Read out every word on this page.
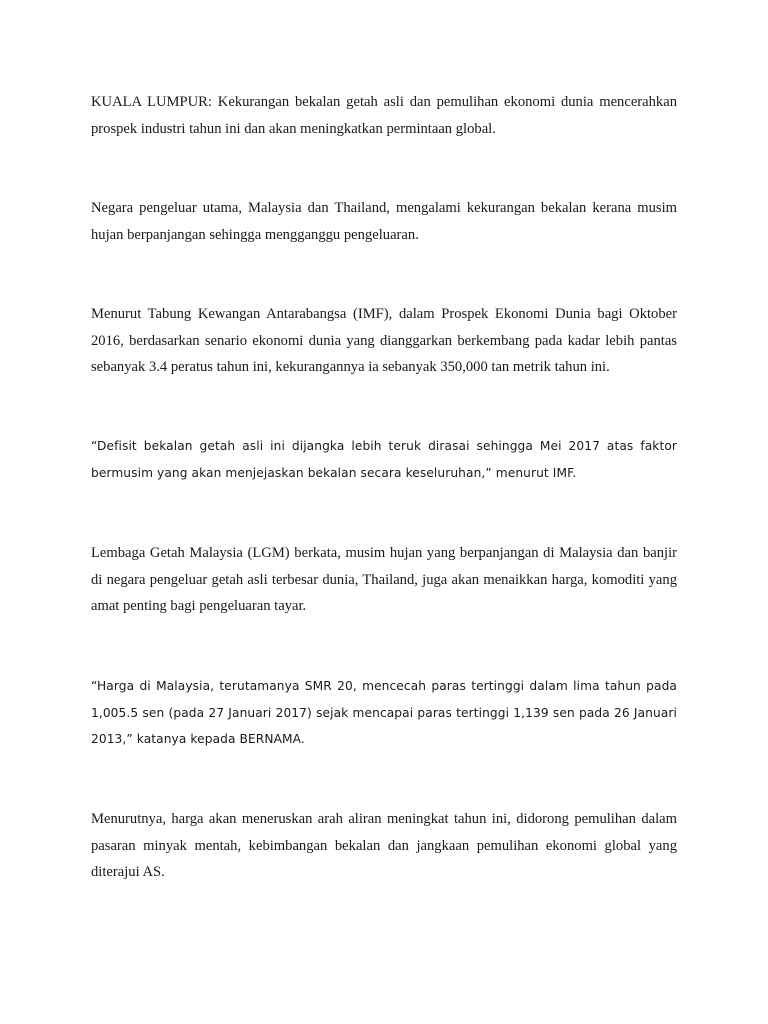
KUALA LUMPUR: Kekurangan bekalan getah asli dan pemulihan ekonomi dunia mencerahkan prospek industri tahun ini dan akan meningkatkan permintaan global.

Negara pengeluar utama, Malaysia dan Thailand, mengalami kekurangan bekalan kerana musim hujan berpanjangan sehingga mengganggu pengeluaran.

Menurut Tabung Kewangan Antarabangsa (IMF), dalam Prospek Ekonomi Dunia bagi Oktober 2016, berdasarkan senario ekonomi dunia yang dianggarkan berkembang pada kadar lebih pantas sebanyak 3.4 peratus tahun ini, kekurangannya ia sebanyak 350,000 tan metrik tahun ini.

“Defisit bekalan getah asli ini dijangka lebih teruk dirasai sehingga Mei 2017 atas faktor bermusim yang akan menjejaskan bekalan secara keseluruhan,” menurut IMF.

Lembaga Getah Malaysia (LGM) berkata, musim hujan yang berpanjangan di Malaysia dan banjir di negara pengeluar getah asli terbesar dunia, Thailand, juga akan menaikkan harga, komoditi yang amat penting bagi pengeluaran tayar.

“Harga di Malaysia, terutamanya SMR 20, mencecah paras tertinggi dalam lima tahun pada 1,005.5 sen (pada 27 Januari 2017) sejak mencapai paras tertinggi 1,139 sen pada 26 Januari 2013,” katanya kepada BERNAMA.

Menurutnya, harga akan meneruskan arah aliran meningkat tahun ini, didorong pemulihan dalam pasaran minyak mentah, kebimbangan bekalan dan jangkaan pemulihan ekonomi global yang diterajui AS.
